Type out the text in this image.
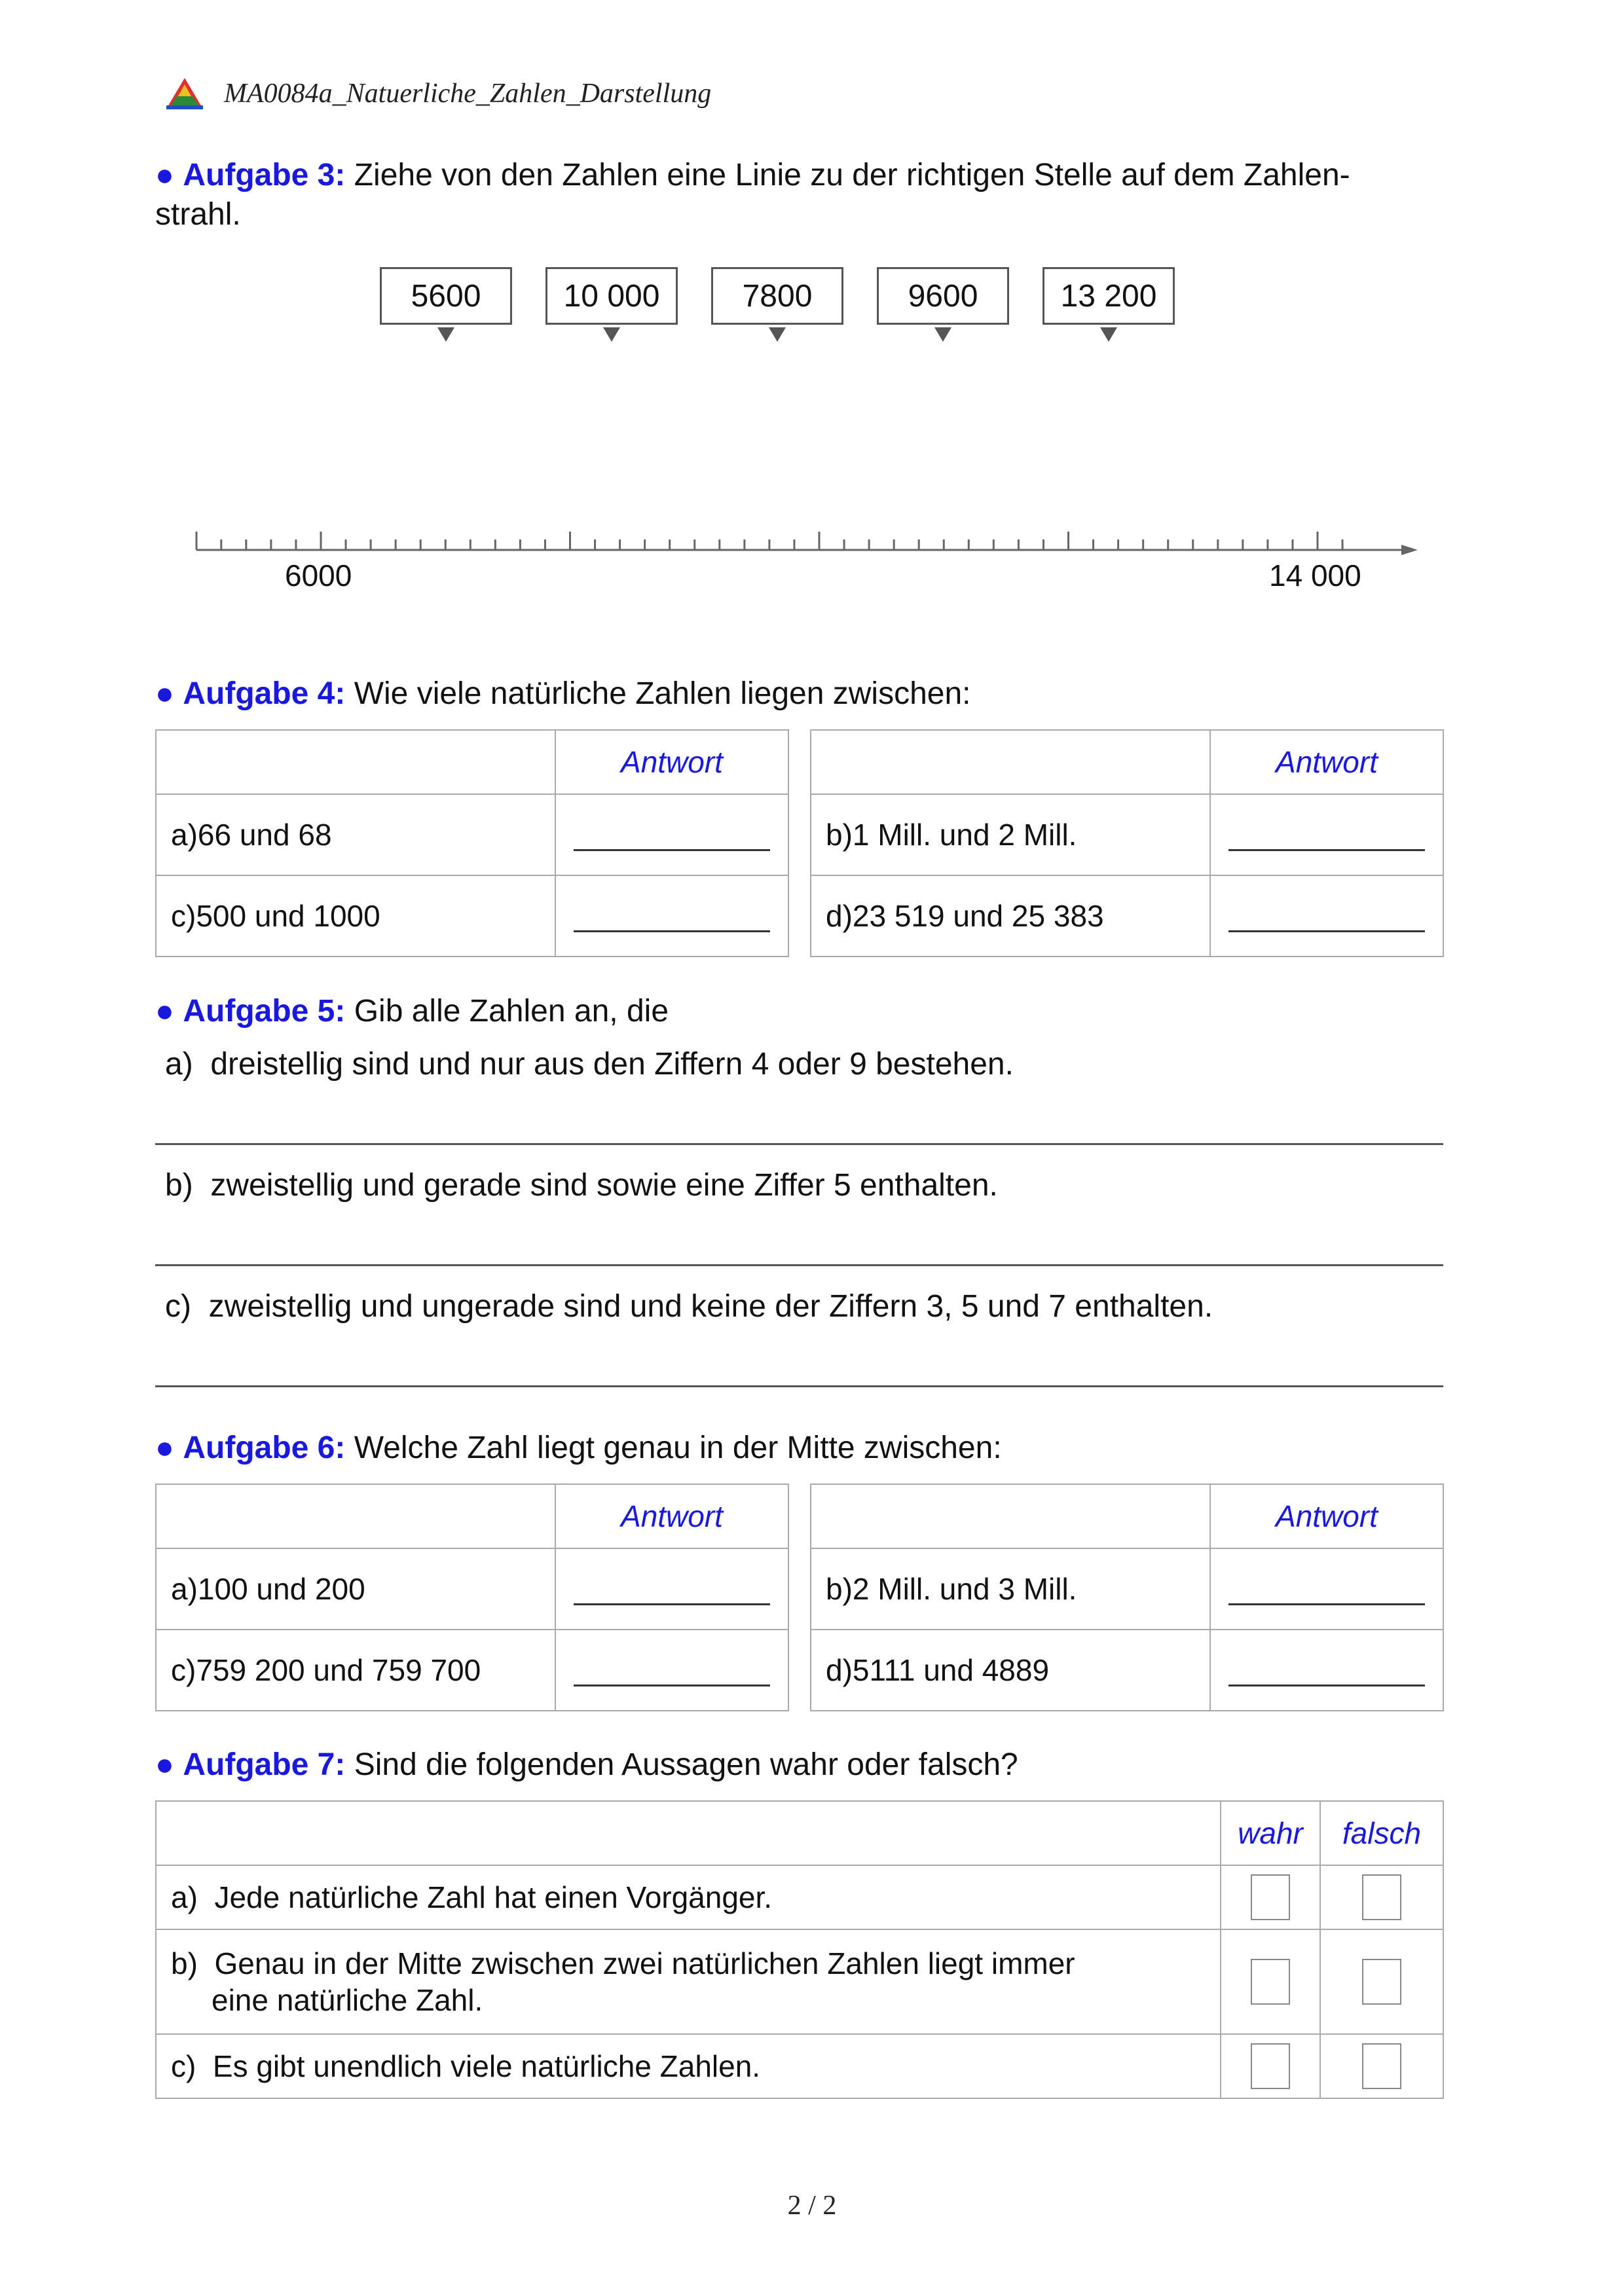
MA0084a_Natuerliche_Zahlen_Darstellung
● Aufgabe 3: Ziehe von den Zahlen eine Linie zu der richtigen Stelle auf dem Zahlen-
strahl.
5600	10 000	7800	9600	13 200
6000	14 000
● Aufgabe 4: Wie viele natürliche Zahlen liegen zwischen:
	Antwort
a)66 und 68	
c)500 und 1000	
	Antwort
b)1 Mill. und 2 Mill.	
d)23 519 und 25 383	
● Aufgabe 5: Gib alle Zahlen an, die
a) dreistellig sind und nur aus den Ziffern 4 oder 9 bestehen.
b) zweistellig und gerade sind sowie eine Ziffer 5 enthalten.
c) zweistellig und ungerade sind und keine der Ziffern 3, 5 und 7 enthalten.
● Aufgabe 6: Welche Zahl liegt genau in der Mitte zwischen:
	Antwort
a)100 und 200	
c)759 200 und 759 700	
	Antwort
b)2 Mill. und 3 Mill.	
d)5111 und 4889	
● Aufgabe 7: Sind die folgenden Aussagen wahr oder falsch?
	wahr	falsch
a) Jede natürliche Zahl hat einen Vorgänger.		

b) Genau in der Mitte zwischen zwei natürlichen Zahlen liegt immer
eine natürliche Zahl.		

c) Es gibt unendlich viele natürliche Zahlen.		
2 / 2
